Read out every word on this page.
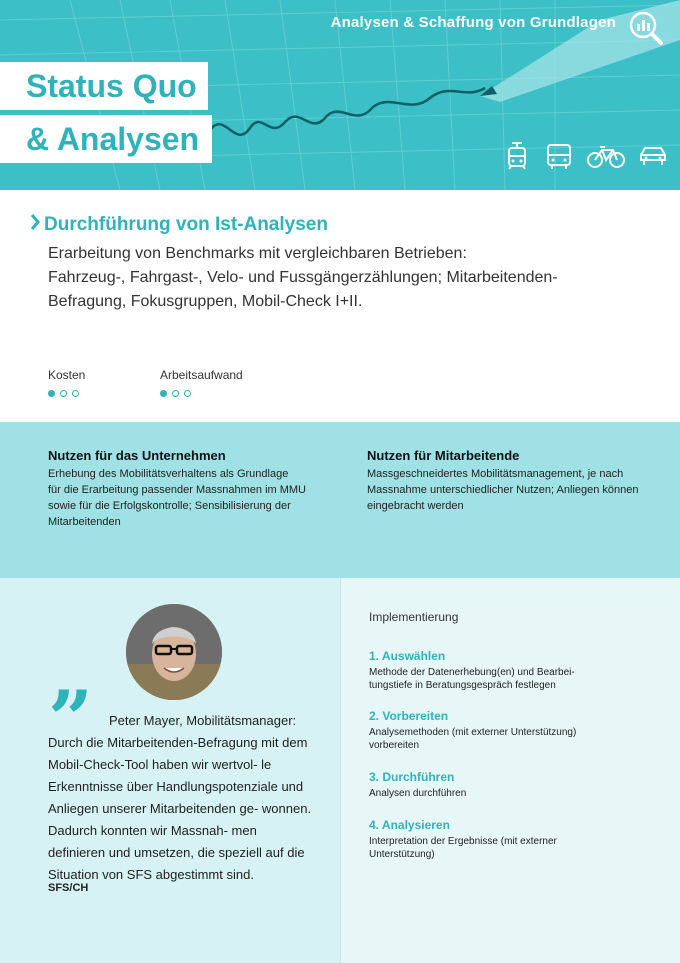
Analysen & Schaffung von Grundlagen
Status Quo
& Analysen
Durchführung von Ist-Analysen
Erarbeitung von Benchmarks mit vergleichbaren Betrieben:
Fahrzeug-, Fahrgast-, Velo- und Fussgängerzählungen; Mitarbeitenden-
Befragung, Fokusgruppen, Mobil-Check I+II.
Kosten	Arbeitsaufwand
Nutzen für das Unternehmen
Erhebung des Mobilitätsverhaltens als Grundlage
für die Erarbeitung passender Massnahmen im MMU
sowie für die Erfolgskontrolle; Sensibilisierung der
Mitarbeitenden
Nutzen für Mitarbeitende
Massgeschneidertes Mobilitätsmanagement, je nach
Massnahme unterschiedlicher Nutzen; Anliegen können
eingebracht werden
”	Peter Mayer, Mobilitätsmanager: Durch die Mitarbeitenden-Befragung mit dem Mobil-Check-Tool haben wir wertvol- le Erkenntnisse über Handlungspotenziale und Anliegen unserer Mitarbeitenden ge- wonnen. Dadurch konnten wir Massnah- men definieren und umsetzen, die speziell auf die Situation von SFS abgestimmt sind.
SFS/CH
Implementierung
1. Auswählen
Methode der Datenerhebung(en) und Bearbei-
tungstiefe in Beratungsgespräch festlegen
2. Vorbereiten
Analysemethoden (mit externer Unterstützung)
vorbereiten
3. Durchführen
Analysen durchführen
4. Analysieren
Interpretation der Ergebnisse (mit externer
Unterstützung)
